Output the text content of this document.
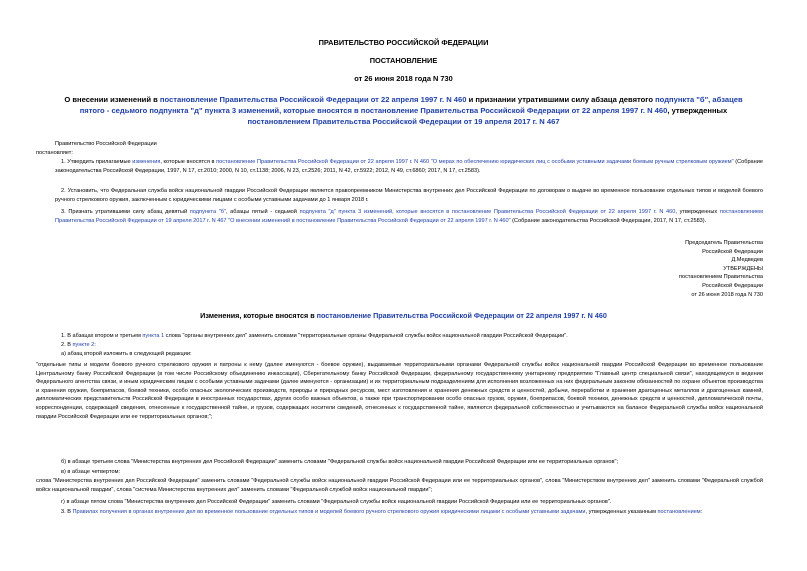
ПРАВИТЕЛЬСТВО РОССИЙСКОЙ ФЕДЕРАЦИИ
ПОСТАНОВЛЕНИЕ
от 26 июня 2018 года N 730
О внесении изменений в постановление Правительства Российской Федерации от 22 апреля 1997 г. N 460 и признании утратившими силу абзаца девятого подпункта "б", абзацев пятого - седьмого подпункта "д" пункта 3 изменений, которые вносятся в постановление Правительства Российской Федерации от 22 апреля 1997 г. N 460, утвержденных постановлением Правительства Российской Федерации от 19 апреля 2017 г. N 467
Правительство Российской Федерации
постановляет:
1. Утвердить прилагаемые изменения, которые вносятся в постановление Правительства Российской Федерации от 22 апреля 1997 г. N 460 "О мерах по обеспечению юридических лиц с особыми уставными задачами боевым ручным стрелковым оружием" (Собрание законодательства Российской Федерации, 1997, N 17, ст.2010; 2000, N 10, ст.1138; 2006, N 23, ст.2526; 2011, N 42, ст.5922; 2012, N 49, ст.6860; 2017, N 17, ст.2583).
2. Установить, что Федеральная служба войск национальной гвардии Российской Федерации является правопреемником Министерства внутренних дел Российской Федерации по договорам о выдаче во временное пользование отдельных типов и моделей боевого ручного стрелкового оружия, заключенным с юридическими лицами с особыми уставными задачами до 1 января 2018 г.
3. Признать утратившими силу абзац девятый подпункта "б", абзацы пятый - седьмой подпункта "д" пункта 3 изменений, которые вносятся в постановление Правительства Российской Федерации от 22 апреля 1997 г. N 460, утвержденных постановлением Правительства Российской Федерации от 19 апреля 2017 г. N 467 "О внесении изменений в постановление Правительства Российской Федерации от 22 апреля 1997 г. N 460" (Собрание законодательства Российской Федерации, 2017, N 17, ст.2583).
Председатель Правительства
Российской Федерации
Д.Медведев
УТВЕРЖДЕНЫ
постановлением Правительства
Российской Федерации
от 26 июня 2018 года N 730
Изменения, которые вносятся в постановление Правительства Российской Федерации от 22 апреля 1997 г. N 460
1. В абзацах втором и третьем пункта 1 слова "органы внутренних дел" заменить словами "территориальные органы Федеральной службы войск национальной гвардии Российской Федерации".
2. В пункте 2:
а) абзац второй изложить в следующей редакции:
"отдельные типы и модели боевого ручного стрелкового оружия и патроны к нему (далее именуются - боевое оружие), выдаваемые территориальными органами Федеральной службы войск национальной гвардии Российской Федерации во временное пользование Центральному банку Российской Федерации (в том числе Российскому объединению инкассации), Сберегательному банку Российской Федерации, федеральному государственному унитарному предприятию "Главный центр специальной связи", находящемуся в ведении Федерального агентства связи, и иным юридическим лицам с особыми уставными задачами (далее именуются - организации) и их территориальным подразделениям для исполнения возложенных на них федеральным законом обязанностей по охране объектов производства и хранения оружия, боеприпасов, боевой техники, особо опасных экологических производств, природы и природных ресурсов, мест изготовления и хранения денежных средств и ценностей, добычи, переработки и хранения драгоценных металлов и драгоценных камней, дипломатических представительств Российской Федерации в иностранных государствах, других особо важных объектов, а также при транспортировании особо опасных грузов, оружия, боеприпасов, боевой техники, денежных средств и ценностей, дипломатической почты, корреспонденции, содержащей сведения, отнесенные к государственной тайне, и грузов, содержащих носители сведений, отнесенных к государственной тайне, являются федеральной собственностью и учитываются на балансе Федеральной службы войск национальной гвардии Российской Федерации или ее территориальных органов;";
б) в абзаце третьем слова "Министерства внутренних дел Российской Федерации" заменить словами "Федеральной службы войск национальной гвардии Российской Федерации или ее территориальных органов";
в) в абзаце четвертом:
слова "Министерства внутренних дел Российской Федерации" заменить словами "Федеральной службы войск национальной гвардии Российской Федерации или ее территориальных органов", слова "Министерством внутренних дел" заменить словами "Федеральной службой войск национальной гвардии", слова "система Министерства внутренних дел" заменить словами "Федеральной службой войск национальной гвардии";
г) в абзаце пятом слова "Министерства внутренних дел Российской Федерации" заменить словами "Федеральной службы войск национальной гвардии Российской Федерации или ее территориальных органов".
3. В Правилах получения в органах внутренних дел во временное пользование отдельных типов и моделей боевого ручного стрелкового оружия юридическими лицами с особыми уставными задачами, утвержденных указанным постановлением:
